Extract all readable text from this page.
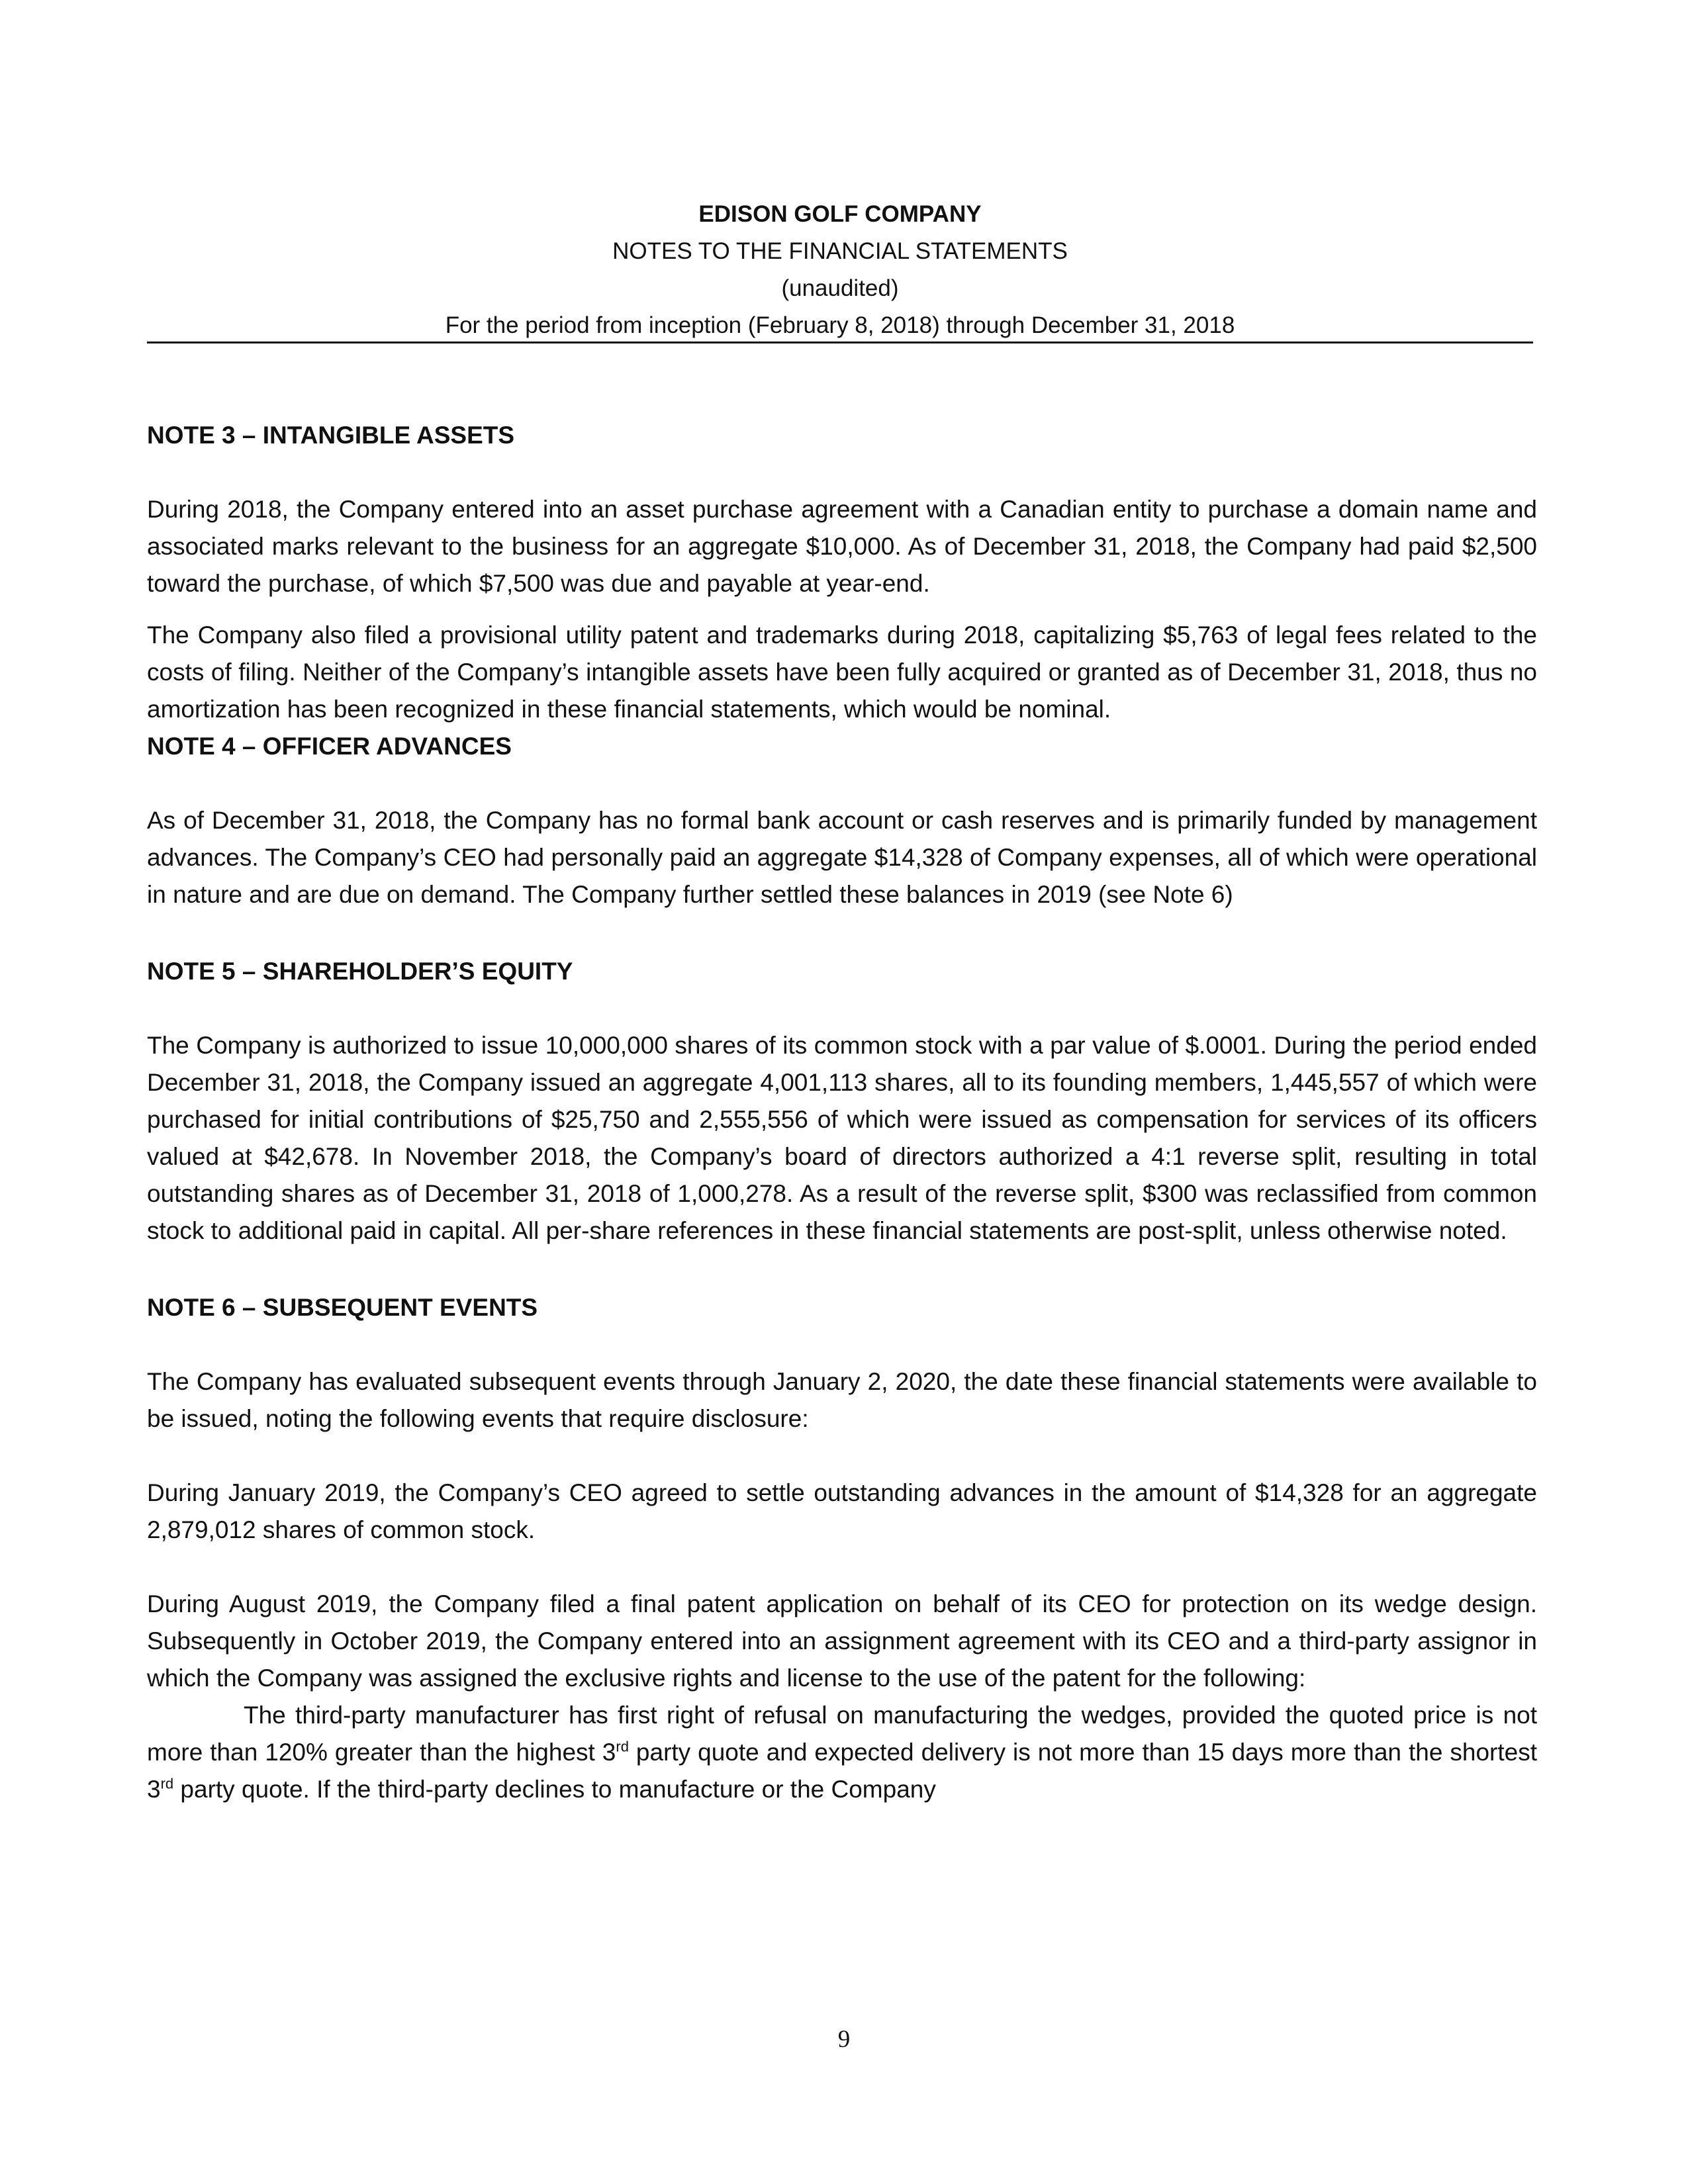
EDISON GOLF COMPANY
NOTES TO THE FINANCIAL STATEMENTS
(unaudited)
For the period from inception (February 8, 2018) through December 31, 2018
NOTE 3 – INTANGIBLE ASSETS

During 2018, the Company entered into an asset purchase agreement with a Canadian entity to purchase a domain name and associated marks relevant to the business for an aggregate $10,000. As of December 31, 2018, the Company had paid $2,500 toward the purchase, of which $7,500 was due and payable at year-end.

The Company also filed a provisional utility patent and trademarks during 2018, capitalizing $5,763 of legal fees related to the costs of filing. Neither of the Company’s intangible assets have been fully acquired or granted as of December 31, 2018, thus no amortization has been recognized in these financial statements, which would be nominal.

NOTE 4 – OFFICER ADVANCES

As of December 31, 2018, the Company has no formal bank account or cash reserves and is primarily funded by management advances. The Company’s CEO had personally paid an aggregate $14,328 of Company expenses, all of which were operational in nature and are due on demand. The Company further settled these balances in 2019 (see Note 6)

NOTE 5 – SHAREHOLDER’S EQUITY

The Company is authorized to issue 10,000,000 shares of its common stock with a par value of $.0001. During the period ended December 31, 2018, the Company issued an aggregate 4,001,113 shares, all to its founding members, 1,445,557 of which were purchased for initial contributions of $25,750 and 2,555,556 of which were issued as compensation for services of its officers valued at $42,678. In November 2018, the Company’s board of directors authorized a 4:1 reverse split, resulting in total outstanding shares as of December 31, 2018 of 1,000,278. As a result of the reverse split, $300 was reclassified from common stock to additional paid in capital. All per-share references in these financial statements are post-split, unless otherwise noted.

NOTE 6 – SUBSEQUENT EVENTS

The Company has evaluated subsequent events through January 2, 2020, the date these financial statements were available to be issued, noting the following events that require disclosure:

During January 2019, the Company’s CEO agreed to settle outstanding advances in the amount of $14,328 for an aggregate 2,879,012 shares of common stock.

During August 2019, the Company filed a final patent application on behalf of its CEO for protection on its wedge design. Subsequently in October 2019, the Company entered into an assignment agreement with its CEO and a third-party assignor in which the Company was assigned the exclusive rights and license to the use of the patent for the following:

The third-party manufacturer has first right of refusal on manufacturing the wedges, provided the quoted price is not more than 120% greater than the highest 3rd party quote and expected delivery is not more than 15 days more than the shortest 3rd party quote. If the third-party declines to manufacture or the Company

9
